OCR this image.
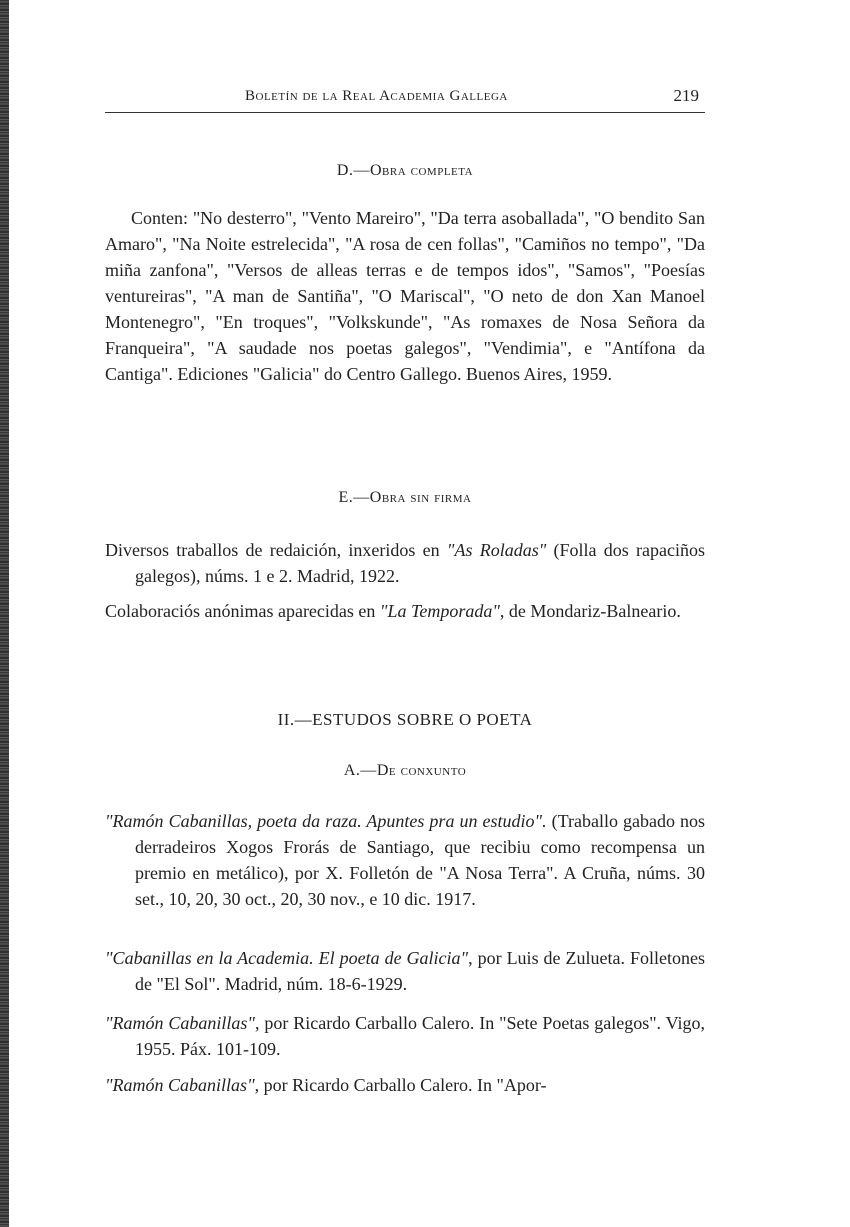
Boletín de la Real Academia Gallega	219
D.—Obra completa

Conten: "No desterro", "Vento Mareiro", "Da terra asoballada", "O bendito San Amaro", "Na Noite estrelecida", "A rosa de cen follas", "Camiños no tempo", "Da miña zanfona", "Versos de alleas terras e de tempos idos", "Samos", "Poesías ventureiras", "A man de Santiña", "O Mariscal", "O neto de don Xan Manoel Montenegro", "En troques", "Volkskunde", "As romaxes de Nosa Señora da Franqueira", "A saudade nos poetas galegos", "Vendimia", e "Antífona da Cantiga". Ediciones "Galicia" do Centro Gallego. Buenos Aires, 1959.

E.—Obra sin firma

Diversos traballos de redaición, inxeridos en "As Roladas" (Folla dos rapaciños galegos), núms. 1 e 2. Madrid, 1922.

Colaboraciós anónimas aparecidas en "La Temporada", de Mondariz-Balneario.

II.—ESTUDOS SOBRE O POETA
A.—De conxunto

"Ramón Cabanillas, poeta da raza. Apuntes pra un estudio". (Traballo gabado nos derradeiros Xogos Frorás de Santiago, que recibiu como recompensa un premio en metálico), por X. Folletón de "A Nosa Terra". A Cruña, núms. 30 set., 10, 20, 30 oct., 20, 30 nov., e 10 dic. 1917.

"Cabanillas en la Academia. El poeta de Galicia", por Luis de Zulueta. Folletones de "El Sol". Madrid, núm. 18-6-1929.

"Ramón Cabanillas", por Ricardo Carballo Calero. In "Sete Poetas galegos". Vigo, 1955. Páx. 101-109.

"Ramón Cabanillas", por Ricardo Carballo Calero. In "Apor-
